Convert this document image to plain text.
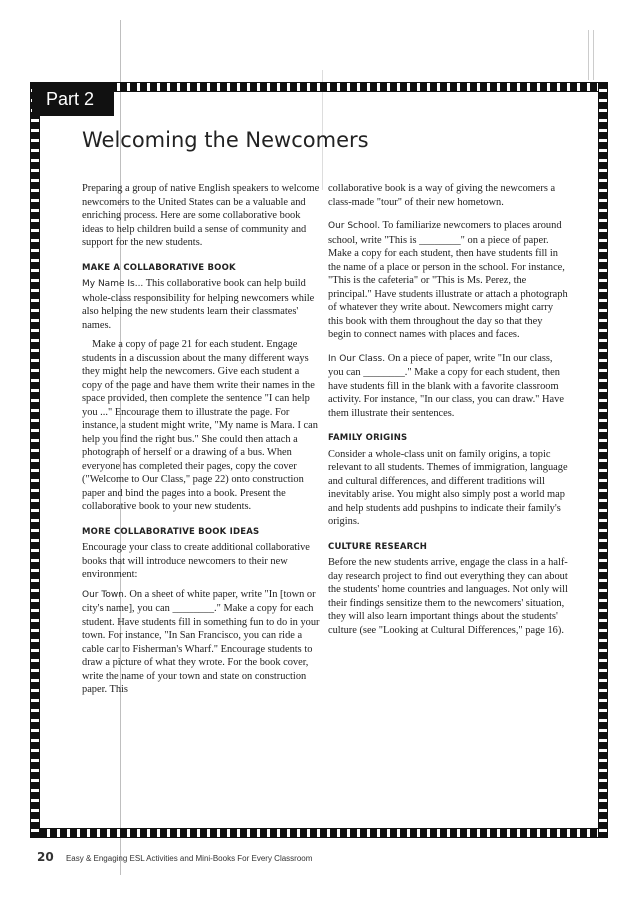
Part 2
Welcoming the Newcomers

Preparing a group of native English speakers to welcome newcomers to the United States can be a valuable and enriching process. Here are some collaborative book ideas to help children build a sense of community and support for the new students.

MAKE A COLLABORATIVE BOOK

My Name Is... This collaborative book can help build whole-class responsibility for helping newcomers while also helping the new students learn their classmates' names.

Make a copy of page 21 for each student. Engage students in a discussion about the many different ways they might help the newcomers. Give each student a copy of the page and have them write their names in the space provided, then complete the sentence "I can help you ..." Encourage them to illustrate the page. For instance, a student might write, "My name is Mara. I can help you find the right bus." She could then attach a photograph of herself or a drawing of a bus. When everyone has completed their pages, copy the cover ("Welcome to Our Class," page 22) onto construction paper and bind the pages into a book. Present the collaborative book to your new students.

MORE COLLABORATIVE BOOK IDEAS

Encourage your class to create additional collaborative books that will introduce newcomers to their new environment:

Our Town. On a sheet of white paper, write "In [town or city's name], you can ________." Make a copy for each student. Have students fill in something fun to do in your town. For instance, "In San Francisco, you can ride a cable car to Fisherman's Wharf." Encourage students to draw a picture of what they wrote. For the book cover, write the name of your town and state on construction paper. This

collaborative book is a way of giving the newcomers a class-made "tour" of their new hometown.

Our School. To familiarize newcomers to places around school, write "This is ________" on a piece of paper. Make a copy for each student, then have students fill in the name of a place or person in the school. For instance, "This is the cafeteria" or "This is Ms. Perez, the principal." Have students illustrate or attach a photograph of whatever they write about. Newcomers might carry this book with them throughout the day so that they begin to connect names with places and faces.

In Our Class. On a piece of paper, write "In our class, you can ________." Make a copy for each student, then have students fill in the blank with a favorite classroom activity. For instance, "In our class, you can draw." Have them illustrate their sentences.

FAMILY ORIGINS

Consider a whole-class unit on family origins, a topic relevant to all students. Themes of immigration, language and cultural differences, and different traditions will inevitably arise. You might also simply post a world map and help students add pushpins to indicate their family's origins.

CULTURE RESEARCH

Before the new students arrive, engage the class in a half-day research project to find out everything they can about the students' home countries and languages. Not only will their findings sensitize them to the newcomers' situation, they will also learn important things about the students' culture (see "Looking at Cultural Differences," page 16).

20 Easy & Engaging ESL Activities and Mini-Books For Every Classroom
